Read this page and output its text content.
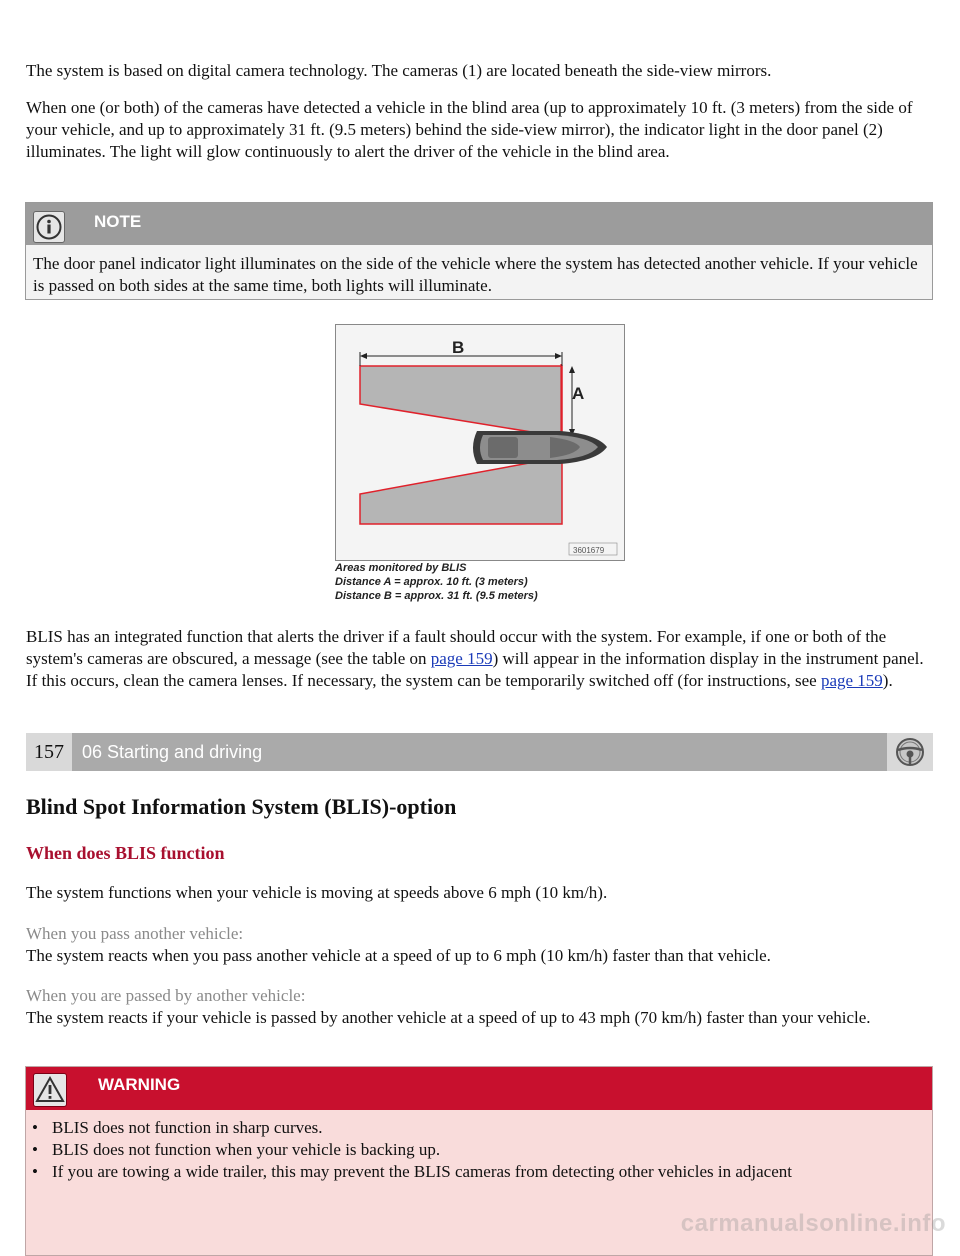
The system is based on digital camera technology. The cameras (1) are located beneath the side-view mirrors.

When one (or both) of the cameras have detected a vehicle in the blind area (up to approximately 10 ft. (3 meters) from the side of your vehicle, and up to approximately 31 ft. (9.5 meters) behind the side-view mirror), the indicator light in the door panel (2) illuminates. The light will glow continuously to alert the driver of the vehicle in the blind area.

NOTE

The door panel indicator light illuminates on the side of the vehicle where the system has detected another vehicle. If your vehicle is passed on both sides at the same time, both lights will illuminate.

B
A
3601679
Areas monitored by BLIS
Distance A = approx. 10 ft. (3 meters)
Distance B = approx. 31 ft. (9.5 meters)

BLIS has an integrated function that alerts the driver if a fault should occur with the system. For example, if one or both of the system's cameras are obscured, a message (see the table on page 159) will appear in the information display in the instrument panel. If this occurs, clean the camera lenses. If necessary, the system can be temporarily switched off (for instructions, see page 159).

157	06 Starting and driving
Blind Spot Information System (BLIS)-option

When does BLIS function

The system functions when your vehicle is moving at speeds above 6 mph (10 km/h).

When you pass another vehicle:
The system reacts when you pass another vehicle at a speed of up to 6 mph (10 km/h) faster than that vehicle.

When you are passed by another vehicle:
The system reacts if your vehicle is passed by another vehicle at a speed of up to 43 mph (70 km/h) faster than your vehicle.

WARNING
• BLIS does not function in sharp curves.
• BLIS does not function when your vehicle is backing up.
• If you are towing a wide trailer, this may prevent the BLIS cameras from detecting other vehicles in adjacent
carmanualsonline.info
